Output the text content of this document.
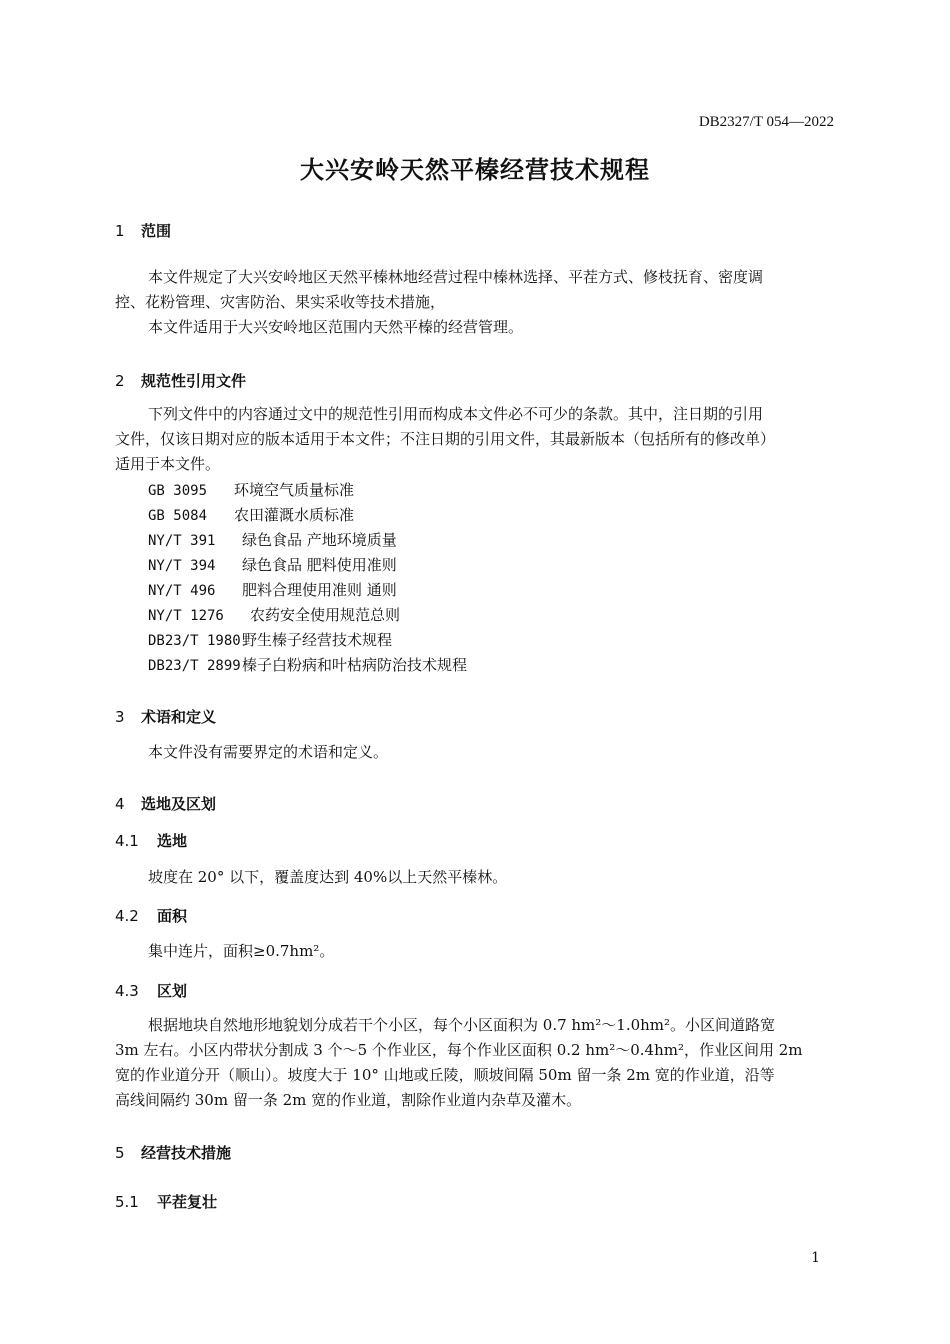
DB2327/T 054—2022
大兴安岭天然平榛经营技术规程
1 范围
本文件规定了大兴安岭地区天然平榛林地经营过程中榛林选择、平茬方式、修枝抚育、密度调
控、花粉管理、灾害防治、果实采收等技术措施，
本文件适用于大兴安岭地区范围内天然平榛的经营管理。
2 规范性引用文件
下列文件中的内容通过文中的规范性引用而构成本文件必不可少的条款。其中，注日期的引用
文件，仅该日期对应的版本适用于本文件；不注日期的引用文件，其最新版本（包括所有的修改单）
适用于本文件。
GB 3095 环境空气质量标准
GB 5084 农田灌溉水质标准
NY/T 391 绿色食品 产地环境质量
NY/T 394 绿色食品 肥料使用准则
NY/T 496 肥料合理使用准则 通则
NY/T 1276 农药安全使用规范总则
DB23/T 1980野生榛子经营技术规程
DB23/T 2899榛子白粉病和叶枯病防治技术规程
3 术语和定义
本文件没有需要界定的术语和定义。
4 选地及区划
4.1 选地
坡度在 20° 以下，覆盖度达到 40%以上天然平榛林。
4.2 面积
集中连片，面积≥0.7hm²。
4.3 区划
根据地块自然地形地貌划分成若干个小区，每个小区面积为 0.7 hm²～1.0hm²。小区间道路宽
3m 左右。小区内带状分割成 3 个～5 个作业区，每个作业区面积 0.2 hm²～0.4hm²，作业区间用 2m
宽的作业道分开（顺山）。坡度大于 10° 山地或丘陵，顺坡间隔 50m 留一条 2m 宽的作业道，沿等
高线间隔约 30m 留一条 2m 宽的作业道，割除作业道内杂草及灌木。
5 经营技术措施
5.1 平茬复壮
1
